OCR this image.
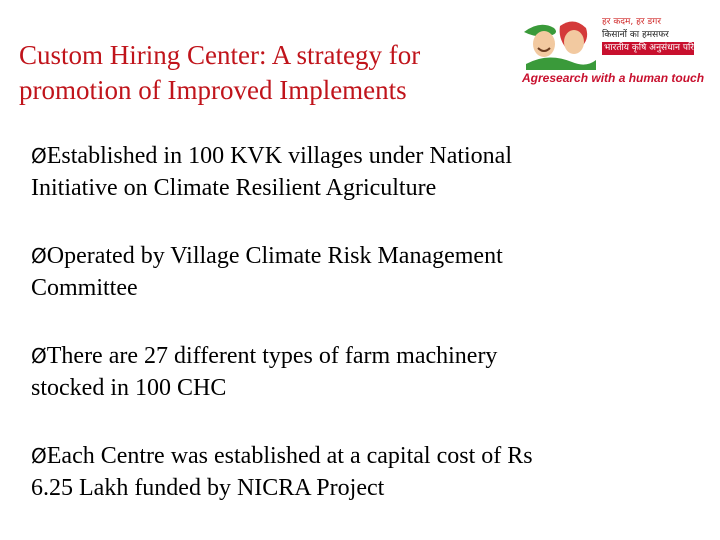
Custom Hiring Center: A strategy for
promotion of Improved Implements
हर कदम, हर डगर
किसानों का हमसफर
भारतीय कृषि अनुसंधान परिषद
Agresearch with a human touch
ØEstablished in 100 KVK villages under National
Initiative on Climate Resilient Agriculture
ØOperated by Village Climate Risk Management
Committee
ØThere are 27 different types of farm machinery
stocked in 100 CHC
ØEach Centre was established at a capital cost of Rs
6.25 Lakh funded by NICRA Project
